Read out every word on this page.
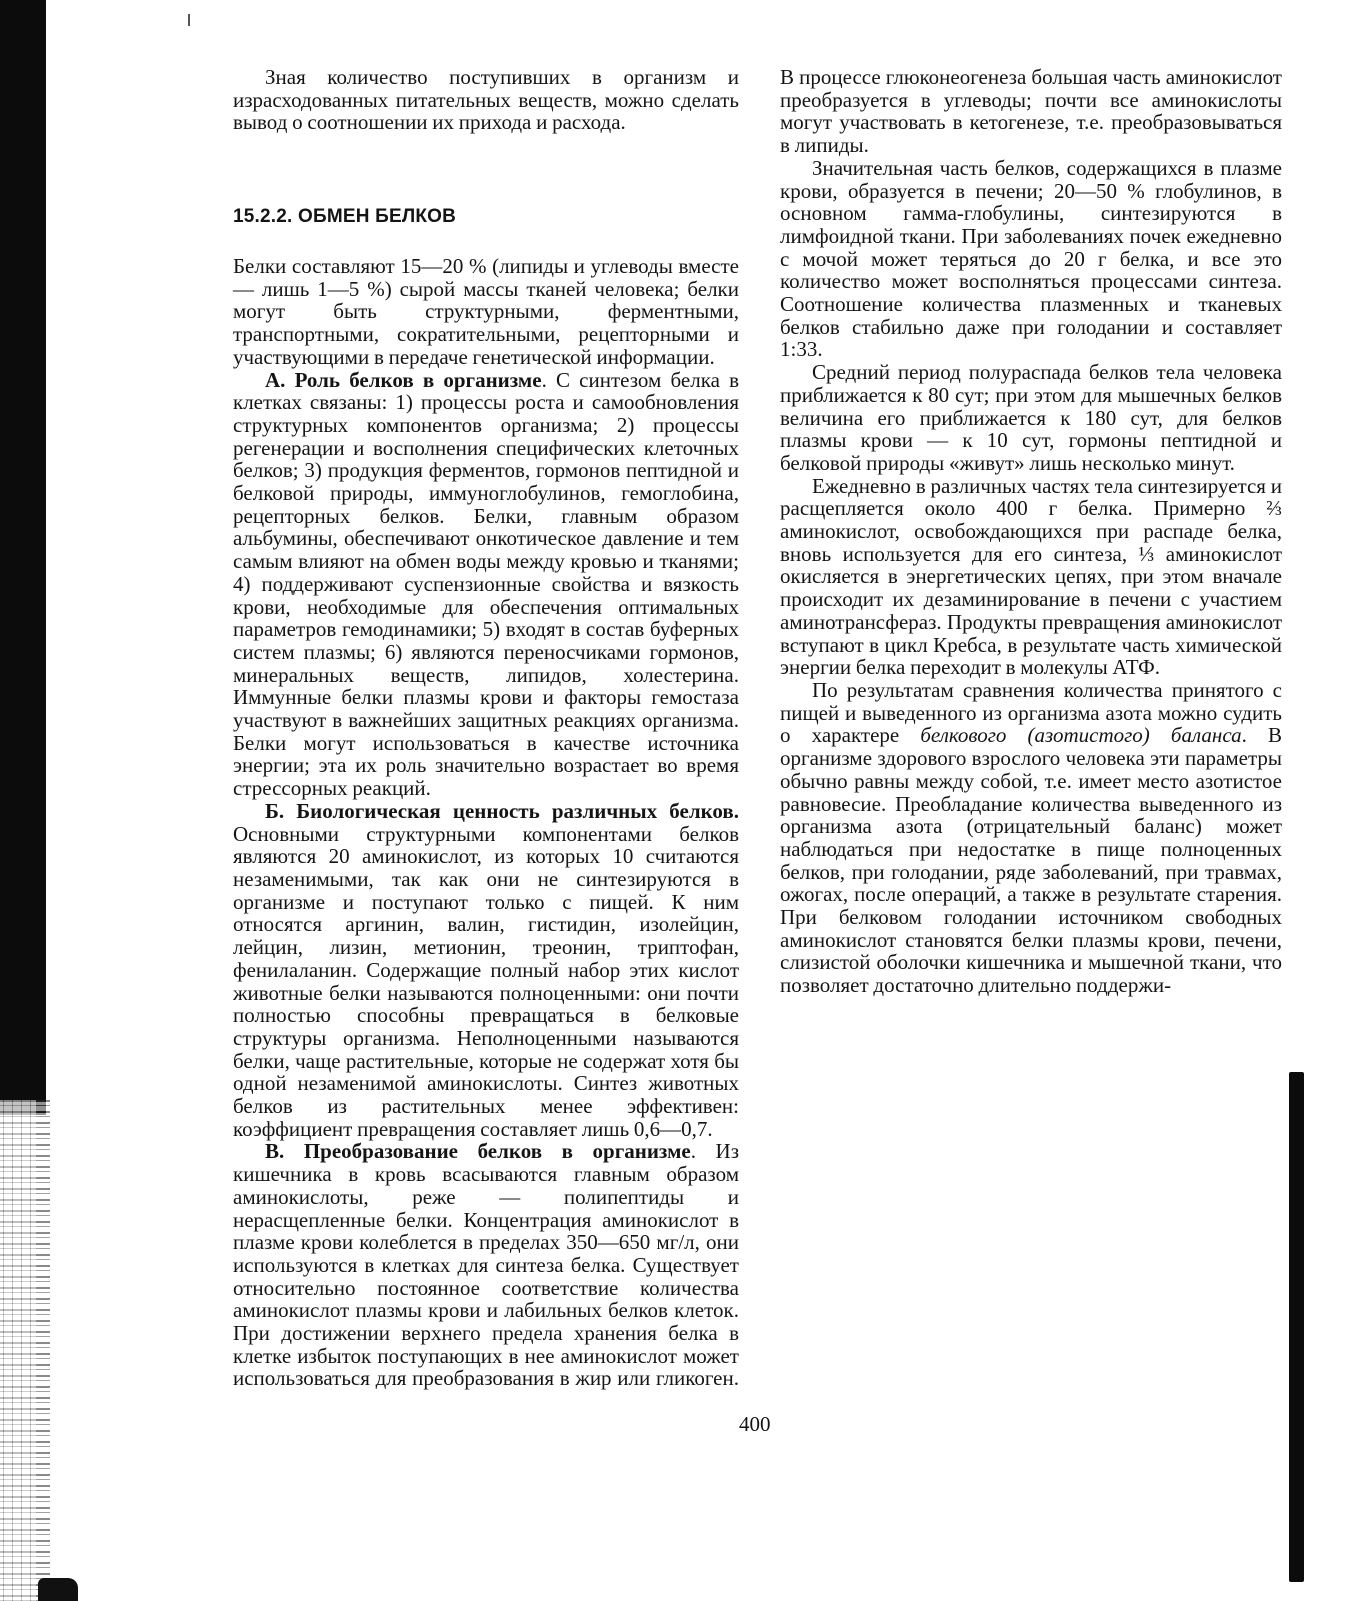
Зная количество поступивших в организм и израсходованных питательных веществ, можно сделать вывод о соотношении их прихода и расхода.

15.2.2. ОБМЕН БЕЛКОВ

Белки составляют 15—20 % (липиды и углеводы вместе — лишь 1—5 %) сырой массы тканей человека; белки могут быть структурными, ферментными, транспортными, сократительными, рецепторными и участвующими в передаче генетической информации.

А. Роль белков в организме. С синтезом белка в клетках связаны: 1) процессы роста и самообновления структурных компонентов организма; 2) процессы регенерации и восполнения специфических клеточных белков; 3) продукция ферментов, гормонов пептидной и белковой природы, иммуноглобулинов, гемоглобина, рецепторных белков. Белки, главным образом альбумины, обеспечивают онкотическое давление и тем самым влияют на обмен воды между кровью и тканями; 4) поддерживают суспензионные свойства и вязкость крови, необходимые для обеспечения оптимальных параметров гемодинамики; 5) входят в состав буферных систем плазмы; 6) являются переносчиками гормонов, минеральных веществ, липидов, холестерина. Иммунные белки плазмы крови и факторы гемостаза участвуют в важнейших защитных реакциях организма. Белки могут использоваться в качестве источника энергии; эта их роль значительно возрастает во время стрессорных реакций.

Б. Биологическая ценность различных белков. Основными структурными компонентами белков являются 20 аминокислот, из которых 10 считаются незаменимыми, так как они не синтезируются в организме и поступают только с пищей. К ним относятся аргинин, валин, гистидин, изолейцин, лейцин, лизин, метионин, треонин, триптофан, фенилаланин. Содержащие полный набор этих кислот животные белки называются полноценными: они почти полностью способны превращаться в белковые структуры организма. Неполноценными называются белки, чаще растительные, которые не содержат хотя бы одной незаменимой аминокислоты. Синтез животных белков из растительных менее эффективен: коэффициент превращения составляет лишь 0,6—0,7.

В. Преобразование белков в организме. Из кишечника в кровь всасываются главным образом аминокислоты, реже — полипептиды и нерасщепленные белки. Концентрация аминокислот в плазме крови колеблется в пределах 350—650 мг/л, они используются в клетках для синтеза белка. Существует относительно постоянное соответствие количества аминокислот плазмы крови и лабильных белков клеток. При достижении верхнего предела хранения белка в клетке избыток поступающих в нее аминокислот может использоваться для преобразования в жир или гликоген.

В процессе глюконеогенеза большая часть аминокислот преобразуется в углеводы; почти все аминокислоты могут участвовать в кетогенезе, т.е. преобразовываться в липиды.

Значительная часть белков, содержащихся в плазме крови, образуется в печени; 20—50 % глобулинов, в основном гамма-глобулины, синтезируются в лимфоидной ткани. При заболеваниях почек ежедневно с мочой может теряться до 20 г белка, и все это количество может восполняться процессами синтеза. Соотношение количества плазменных и тканевых белков стабильно даже при голодании и составляет 1:33.

Средний период полураспада белков тела человека приближается к 80 сут; при этом для мышечных белков величина его приближается к 180 сут, для белков плазмы крови — к 10 сут, гормоны пептидной и белковой природы «живут» лишь несколько минут.

Ежедневно в различных частях тела синтезируется и расщепляется около 400 г белка. Примерно ⅔ аминокислот, освобождающихся при распаде белка, вновь используется для его синтеза, ⅓ аминокислот окисляется в энергетических цепях, при этом вначале происходит их дезаминирование в печени с участием аминотрансфераз. Продукты превращения аминокислот вступают в цикл Кребса, в результате часть химической энергии белка переходит в молекулы АТФ.

По результатам сравнения количества принятого с пищей и выведенного из организма азота можно судить о характере белкового (азотистого) баланса. В организме здорового взрослого человека эти параметры обычно равны между собой, т.е. имеет место азотистое равновесие. Преобладание количества выведенного из организма азота (отрицательный баланс) может наблюдаться при недостатке в пище полноценных белков, при голодании, ряде заболеваний, при травмах, ожогах, после операций, а также в результате старения. При белковом голодании источником свободных аминокислот становятся белки плазмы крови, печени, слизистой оболочки кишечника и мышечной ткани, что позволяет достаточно длительно поддержи-

400
